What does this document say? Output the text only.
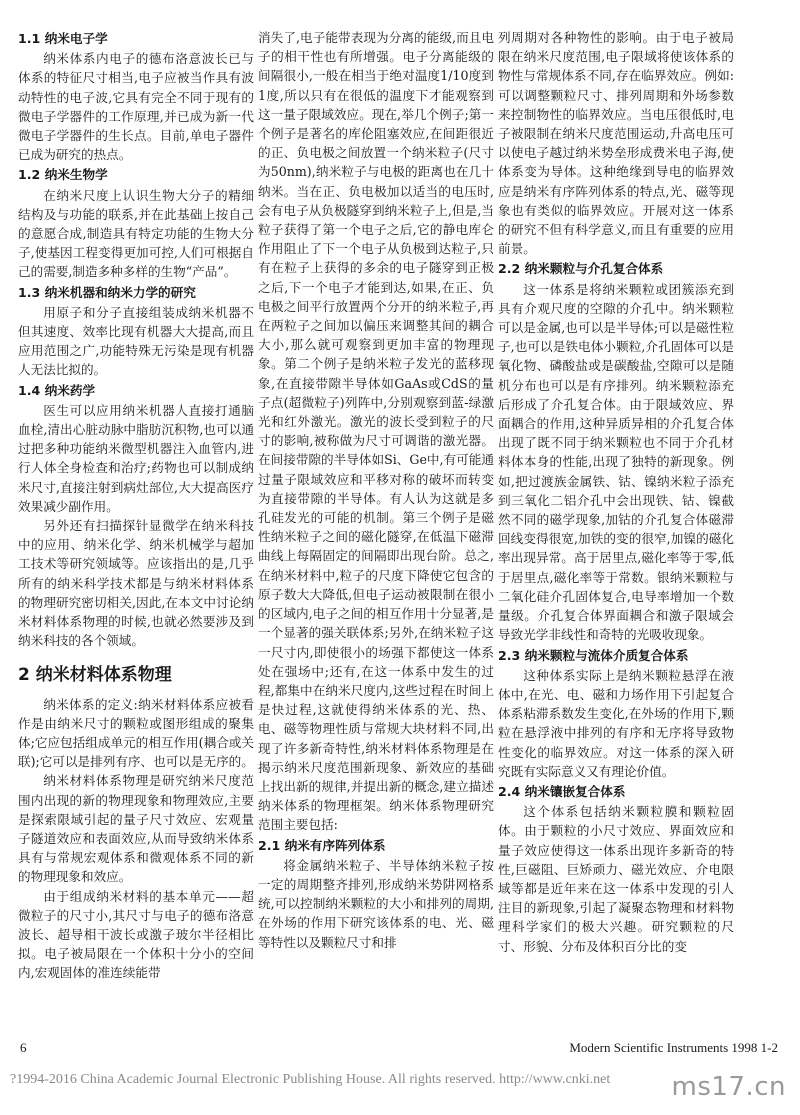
1.1 纳米电子学
纳米体系内电子的德布洛意波长已与体系的特征尺寸相当,电子应被当作具有波动特性的电子波,它具有完全不同于现有的微电子学器件的工作原理,并已成为新一代微电子学器件的生长点。目前,单电子器件已成为研究的热点。
1.2 纳米生物学
在纳米尺度上认识生物大分子的精细结构及与功能的联系,并在此基础上按自己的意愿合成,制造具有特定功能的生物大分子,使基因工程变得更加可控,人们可根据自己的需要,制造多种多样的生物“产品”。
1.3 纳米机器和纳米力学的研究
用原子和分子直接组装成纳米机器不但其速度、效率比现有机器大大提高,而且应用范围之广,功能特殊无污染是现有机器人无法比拟的。
1.4 纳米药学
医生可以应用纳米机器人直接打通脑血栓,清出心脏动脉中脂肪沉积物,也可以通过把多种功能纳米微型机器注入血管内,进行人体全身检查和治疗;药物也可以制成纳米尺寸,直接注射到病灶部位,大大提高医疗效果减少副作用。
另外还有扫描探针显微学在纳米科技中的应用、纳米化学、纳米机械学与超加工技术等研究领域等。应该指出的是,几乎所有的纳米科学技术都是与纳米材料体系的物理研究密切相关,因此,在本文中讨论纳米材料体系物理的时候,也就必然要涉及到纳米科技的各个领域。
2 纳米材料体系物理
纳米体系的定义:纳米材料体系应被看作是由纳米尺寸的颗粒或图形组成的聚集体;它应包括组成单元的相互作用(耦合或关联);它可以是排列有序、也可以是无序的。
纳米材料体系物理是研究纳米尺度范围内出现的新的物理现象和物理效应,主要是探索限域引起的量子尺寸效应、宏观量子隧道效应和表面效应,从而导致纳米体系具有与常规宏观体系和微观体系不同的新的物理现象和效应。
由于组成纳米材料的基本单元——超微粒子的尺寸小,其尺寸与电子的德布洛意波长、超导相干波长或激子玻尔半径相比拟。电子被局限在一个体积十分小的空间内,宏观固体的准连续能带
消失了,电子能带表现为分离的能级,而且电子的相干性也有所增强。电子分离能级的间隔很小,一般在相当于绝对温度1/10度到1度,所以只有在很低的温度下才能观察到这一量子限域效应。现在,举几个例子;第一个例子是著名的库伦阻塞效应,在间距很近的正、负电极之间放置一个纳米粒子(尺寸为50nm),纳米粒子与电极的距离也在几十纳米。当在正、负电极加以适当的电压时,会有电子从负极隧穿到纳米粒子上,但是,当粒子获得了第一个电子之后,它的静电库仑作用阻止了下一个电子从负极到达粒子,只有在粒子上获得的多余的电子隧穿到正极之后,下一个电子才能到达,如果,在正、负电极之间平行放置两个分开的纳米粒子,再在两粒子之间加以偏压来调整其间的耦合大小,那么就可观察到更加丰富的物理现象。第二个例子是纳米粒子发光的蓝移现象,在直接带隙半导体如GaAs或CdS的量子点(超微粒子)列阵中,分别观察到蓝-绿激光和红外激光。激光的波长受到粒子的尺寸的影响,被称做为尺寸可调谐的激光器。在间接带隙的半导体如Si、Ge中,有可能通过量子限域效应和平移对称的破坏而转变为直接带隙的半导体。有人认为这就是多孔硅发光的可能的机制。第三个例子是磁性纳米粒子之间的磁化隧穿,在低温下磁滞曲线上每隔固定的间隔即出现台阶。总之,在纳米材料中,粒子的尺度下降使它包含的原子数大大降低,但电子运动被限制在很小的区域内,电子之间的相互作用十分显著,是一个显著的强关联体系;另外,在纳米粒子这一尺寸内,即使很小的场强下都使这一体系处在强场中;还有,在这一体系中发生的过程,都集中在纳米尺度内,这些过程在时间上是快过程,这就使得纳米体系的光、热、电、磁等物理性质与常规大块材料不同,出现了许多新奇特性,纳米材料体系物理是在揭示纳米尺度范围新现象、新效应的基础上找出新的规律,并提出新的概念,建立描述纳米体系的物理框架。纳米体系物理研究范围主要包括:
2.1 纳米有序阵列体系
将金属纳米粒子、半导体纳米粒子按一定的周期整齐排列,形成纳米势阱网格系统,可以控制纳米颗粒的大小和排列的周期,在外场的作用下研究该体系的电、光、磁等特性以及颗粒尺寸和排
列周期对各种物性的影响。由于电子被局限在纳米尺度范围,电子限域将使该体系的物性与常规体系不同,存在临界效应。例如:可以调整颗粒尺寸、排列周期和外场参数来控制物性的临界效应。当电压很低时,电子被限制在纳米尺度范围运动,升高电压可以使电子越过纳米势垒形成费米电子海,使体系变为导体。这种绝缘到导电的临界效应是纳米有序阵列体系的特点,光、磁等现象也有类似的临界效应。开展对这一体系的研究不但有科学意义,而且有重要的应用前景。
2.2 纳米颗粒与介孔复合体系
这一体系是将纳米颗粒或团簇添充到具有介观尺度的空隙的介孔中。纳米颗粒可以是金属,也可以是半导体;可以是磁性粒子,也可以是铁电体小颗粒,介孔固体可以是氧化物、磷酸盐或是碳酸盐,空隙可以是随机分布也可以是有序排列。纳米颗粒添充后形成了介孔复合体。由于限域效应、界面耦合的作用,这种异质异相的介孔复合体出现了既不同于纳米颗粒也不同于介孔材料体本身的性能,出现了独特的新现象。例如,把过渡族金属铁、钴、镍纳米粒子添充到三氧化二铝介孔中会出现铁、钴、镍截然不同的磁学现象,加钴的介孔复合体磁滞回线变得很宽,加铁的变的很窄,加镍的磁化率出现异常。高于居里点,磁化率等于零,低于居里点,磁化率等于常数。银纳米颗粒与二氧化硅介孔固体复合,电导率增加一个数量级。介孔复合体界面耦合和激子限域会导致光学非线性和奇特的光吸收现象。
2.3 纳米颗粒与流体介质复合体系
这种体系实际上是纳米颗粒悬浮在液体中,在光、电、磁和力场作用下引起复合体系粘滞系数发生变化,在外场的作用下,颗粒在悬浮液中排列的有序和无序将导致物性变化的临界效应。对这一体系的深入研究既有实际意义又有理论价值。
2.4 纳米镶嵌复合体系
这个体系包括纳米颗粒膜和颗粒固体。由于颗粒的小尺寸效应、界面效应和量子效应使得这一体系出现许多新奇的特性,巨磁阻、巨矫顽力、磁光效应、介电限域等都是近年来在这一体系中发现的引人注目的新现象,引起了凝聚态物理和材料物理科学家们的极大兴趣。研究颗粒的尺寸、形貌、分布及体积百分比的变
6	Modern Scientific Instruments 1998 1-2
?1994-2016 China Academic Journal Electronic Publishing House. All rights reserved. http://www.cnki.net ms17.cn
